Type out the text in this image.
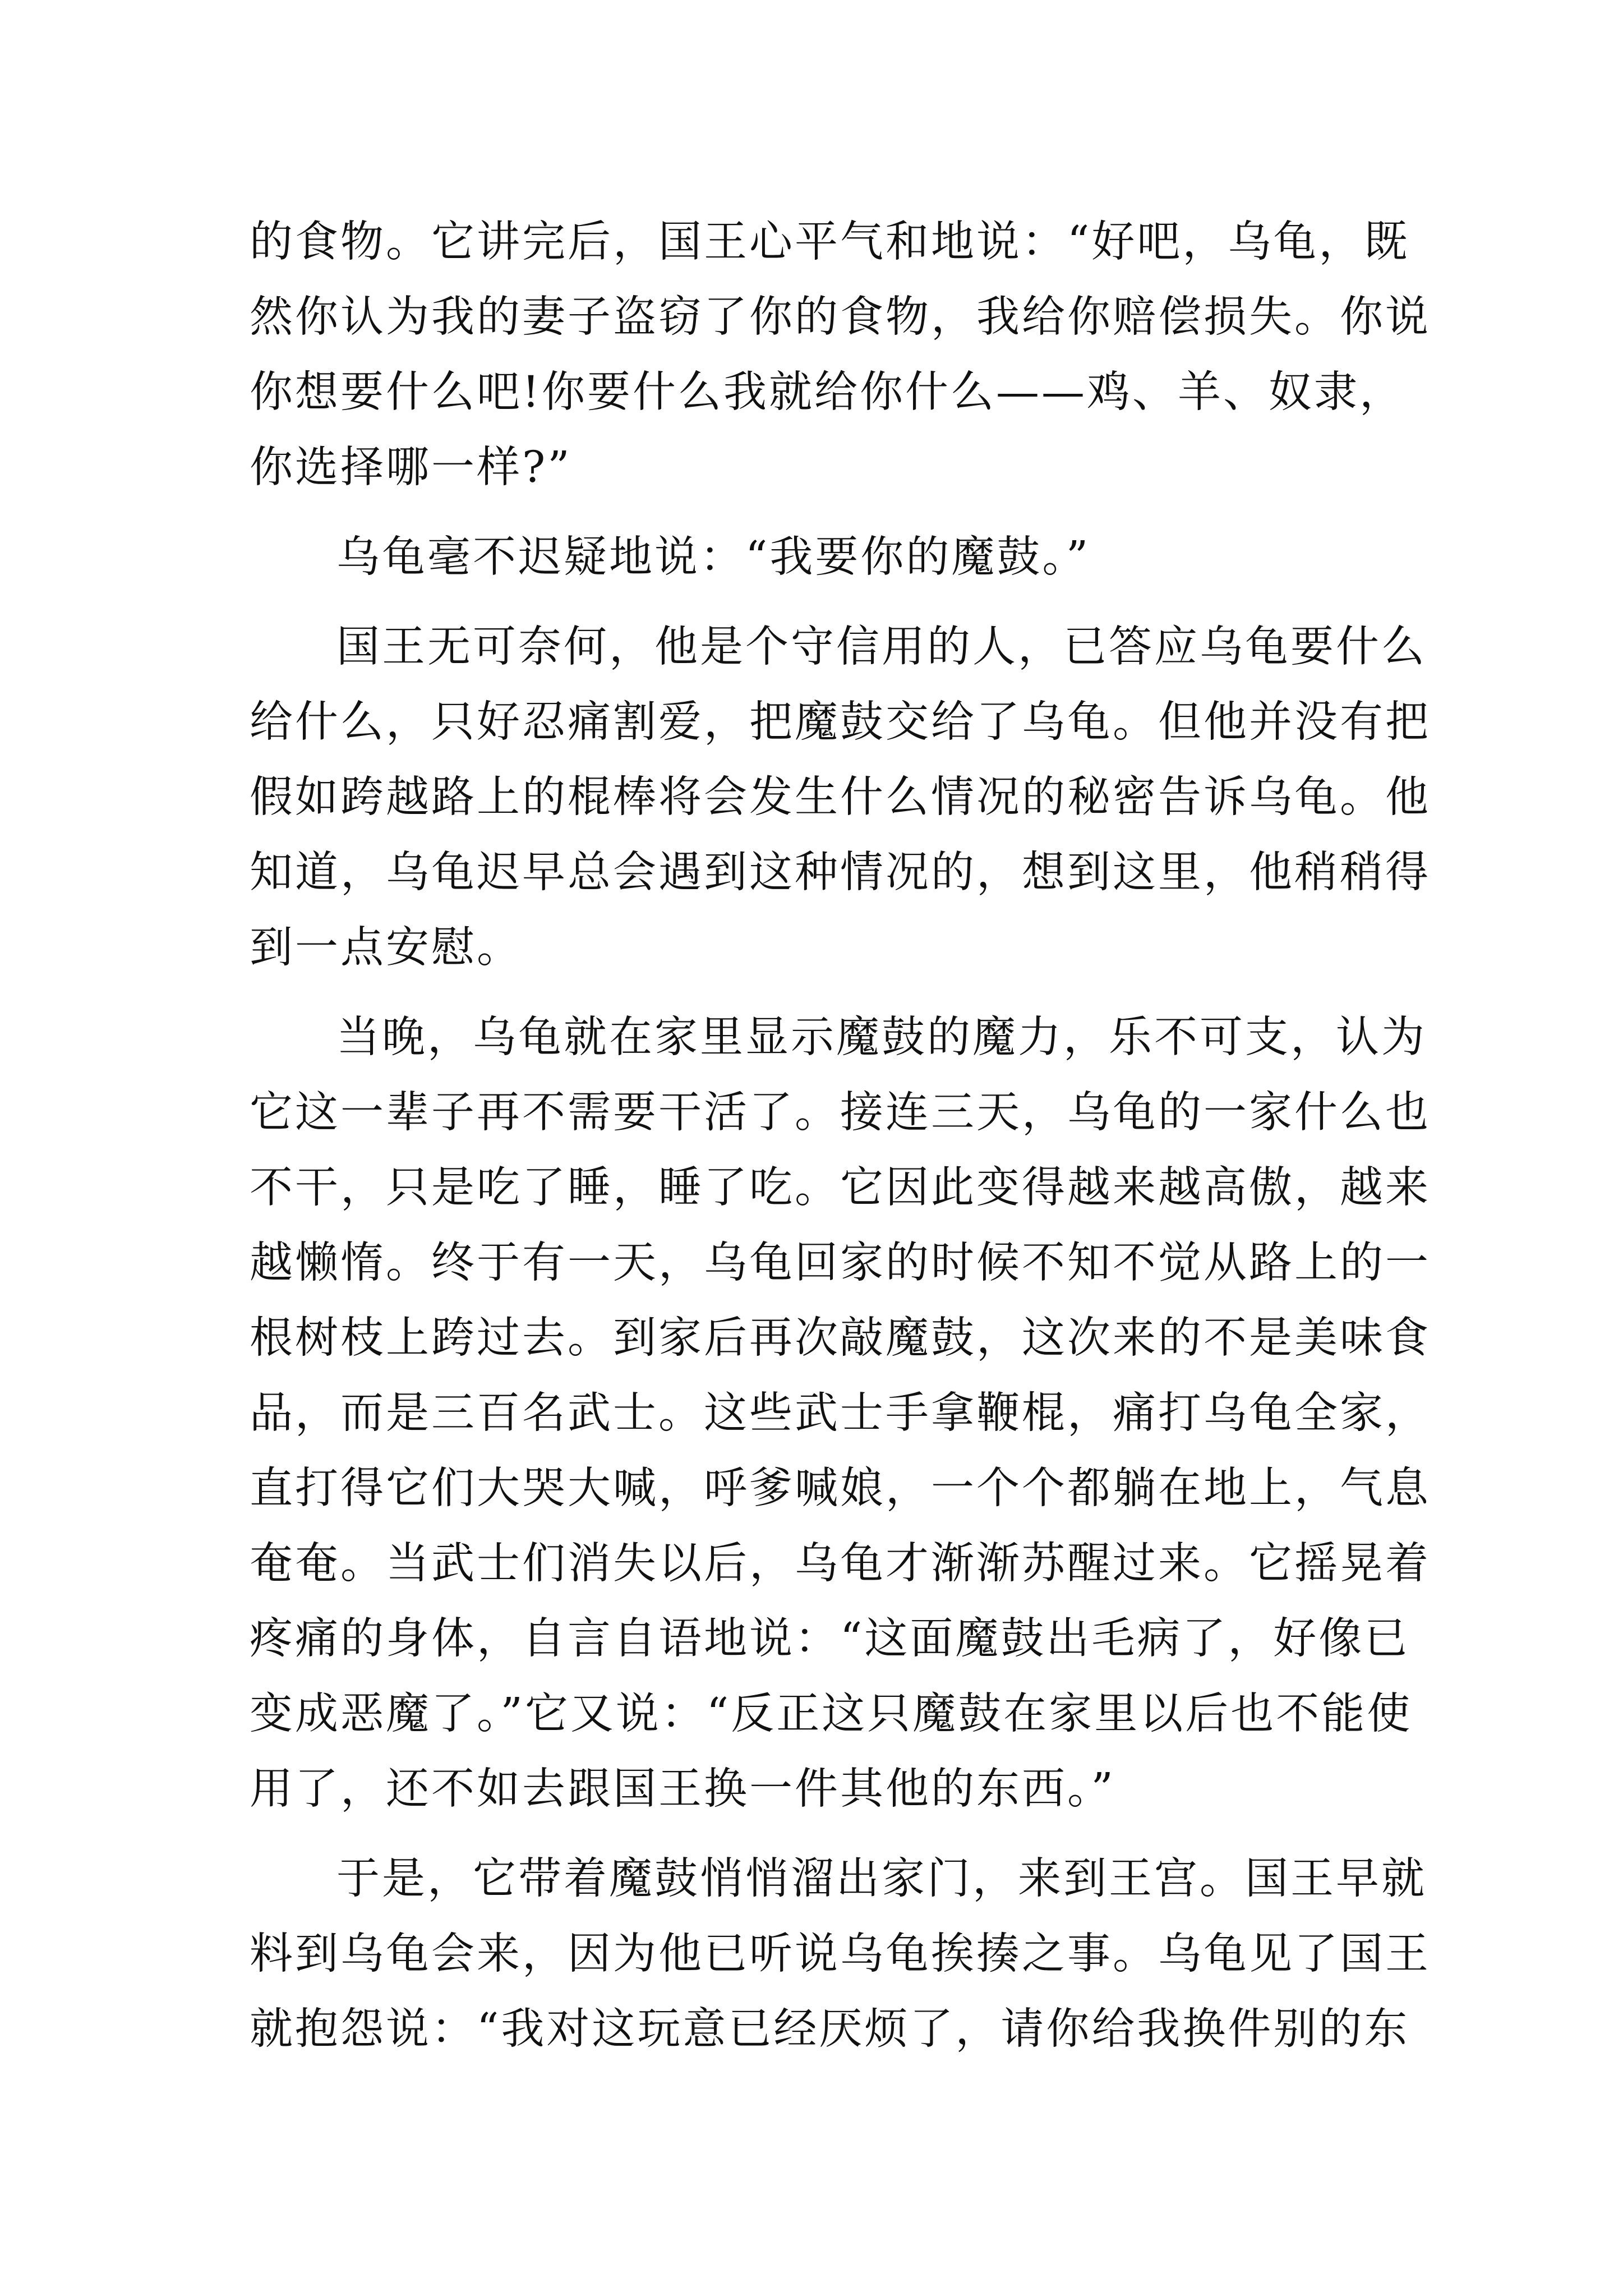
的食物。它讲完后，国王心平气和地说：“好吧，乌龟，既
然你认为我的妻子盗窃了你的食物，我给你赔偿损失。你说
你想要什么吧!你要什么我就给你什么——鸡、羊、奴隶，
你选择哪一样?”
乌龟毫不迟疑地说：“我要你的魔鼓。”
国王无可奈何，他是个守信用的人，已答应乌龟要什么
给什么，只好忍痛割爱，把魔鼓交给了乌龟。但他并没有把
假如跨越路上的棍棒将会发生什么情况的秘密告诉乌龟。他
知道，乌龟迟早总会遇到这种情况的，想到这里，他稍稍得
到一点安慰。
当晚，乌龟就在家里显示魔鼓的魔力，乐不可支，认为
它这一辈子再不需要干活了。接连三天，乌龟的一家什么也
不干，只是吃了睡，睡了吃。它因此变得越来越高傲，越来
越懒惰。终于有一天，乌龟回家的时候不知不觉从路上的一
根树枝上跨过去。到家后再次敲魔鼓，这次来的不是美味食
品，而是三百名武士。这些武士手拿鞭棍，痛打乌龟全家，
直打得它们大哭大喊，呼爹喊娘，一个个都躺在地上，气息
奄奄。当武士们消失以后，乌龟才渐渐苏醒过来。它摇晃着
疼痛的身体，自言自语地说：“这面魔鼓出毛病了，好像已
变成恶魔了。”它又说：“反正这只魔鼓在家里以后也不能使
用了，还不如去跟国王换一件其他的东西。”
于是，它带着魔鼓悄悄溜出家门，来到王宫。国王早就
料到乌龟会来，因为他已听说乌龟挨揍之事。乌龟见了国王
就抱怨说：“我对这玩意已经厌烦了，请你给我换件别的东
